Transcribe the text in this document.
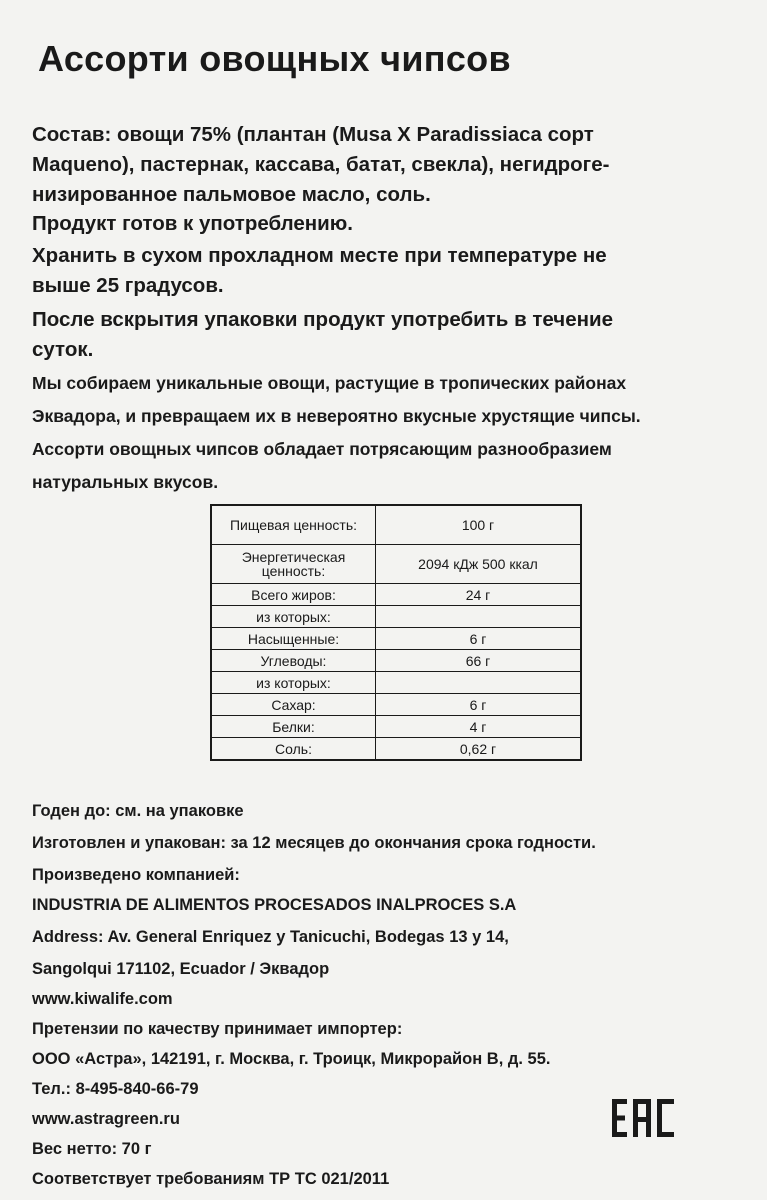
Ассорти овощных чипсов
Состав: овощи 75% (плантан (Musa X Paradissiaca сорт
Maqueno), пастернак, кассава, батат, свекла), негидроге-
низированное пальмовое масло, соль.
Продукт готов к употреблению.
Хранить в сухом прохладном месте при температуре не
выше 25 градусов.
После вскрытия упаковки продукт употребить в течение
суток.
Мы собираем уникальные овощи, растущие в тропических районах
Эквадора, и превращаем их в невероятно вкусные хрустящие чипсы.
Ассорти овощных чипсов обладает потрясающим разнообразием
натуральных вкусов.
Пищевая ценность:	100 г
Энергетическая ценность:	2094 кДж 500 ккал
Всего жиров:	24 г
из которых:	
Насыщенные:	6 г
Углеводы:	66 г
из которых:	
Сахар:	6 г
Белки:	4 г
Соль:	0,62 г
Годен до: см. на упаковке
Изготовлен и упакован: за 12 месяцев до окончания срока годности.
Произведено компанией:
INDUSTRIA DE ALIMENTOS PROCESADOS INALPROCES S.A
Address: Av. General Enriquez y Tanicuchi, Bodegas 13 y 14,
Sangolqui 171102, Ecuador / Эквадор
www.kiwalife.com
Претензии по качеству принимает импортер:
ООО «Астра», 142191, г. Москва, г. Троицк, Микрорайон В, д. 55.
Тел.: 8-495-840-66-79
www.astragreen.ru
Вес нетто: 70 г
Соответствует требованиям ТР ТС 021/2011
